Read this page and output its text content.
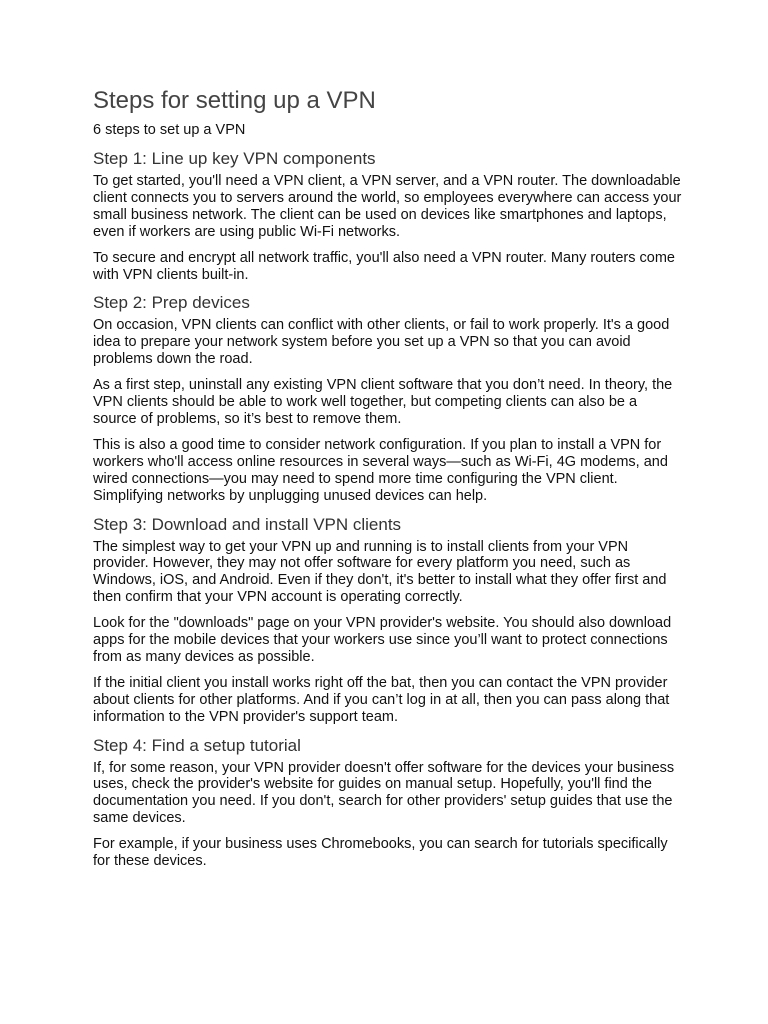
Steps for setting up a VPN
6 steps to set up a VPN
Step 1: Line up key VPN components

To get started, you'll need a VPN client, a VPN server, and a VPN router. The downloadable client connects you to servers around the world, so employees everywhere can access your small business network. The client can be used on devices like smartphones and laptops, even if workers are using public Wi-Fi networks.

To secure and encrypt all network traffic, you'll also need a VPN router. Many routers come with VPN clients built-in.

Step 2: Prep devices

On occasion, VPN clients can conflict with other clients, or fail to work properly. It's a good idea to prepare your network system before you set up a VPN so that you can avoid problems down the road.

As a first step, uninstall any existing VPN client software that you don’t need. In theory, the VPN clients should be able to work well together, but competing clients can also be a source of problems, so it’s best to remove them.

This is also a good time to consider network configuration. If you plan to install a VPN for workers who'll access online resources in several ways—such as Wi-Fi, 4G modems, and wired connections—you may need to spend more time configuring the VPN client. Simplifying networks by unplugging unused devices can help.

Step 3: Download and install VPN clients

The simplest way to get your VPN up and running is to install clients from your VPN provider. However, they may not offer software for every platform you need, such as Windows, iOS, and Android. Even if they don't, it's better to install what they offer first and then confirm that your VPN account is operating correctly.

Look for the "downloads" page on your VPN provider's website. You should also download apps for the mobile devices that your workers use since you’ll want to protect connections from as many devices as possible.

If the initial client you install works right off the bat, then you can contact the VPN provider about clients for other platforms. And if you can’t log in at all, then you can pass along that information to the VPN provider's support team.

Step 4: Find a setup tutorial

If, for some reason, your VPN provider doesn't offer software for the devices your business uses, check the provider's website for guides on manual setup. Hopefully, you'll find the documentation you need. If you don't, search for other providers' setup guides that use the same devices.

For example, if your business uses Chromebooks, you can search for tutorials specifically for these devices.
